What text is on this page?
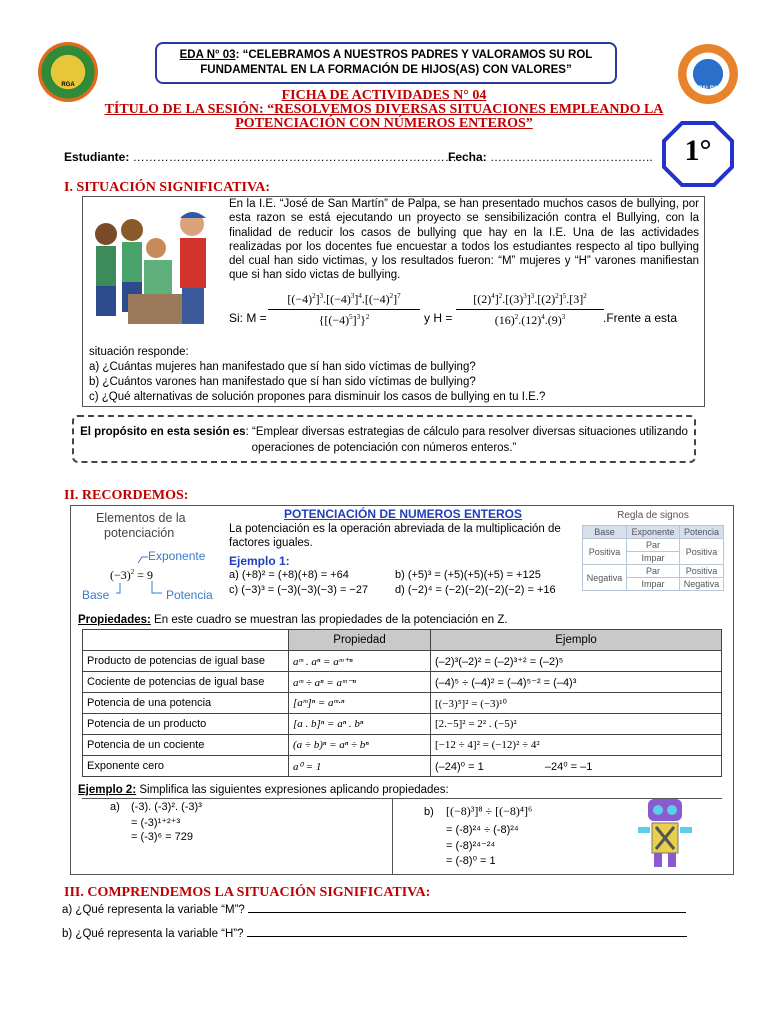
RGA
PALPA
EDA N° 03: “CELEBRAMOS A NUESTROS PADRES Y VALORAMOS SU ROL FUNDAMENTAL EN LA FORMACIÓN DE HIJOS(AS) CON VALORES”
FICHA DE ACTIVIDADES N° 04
TÍTULO DE LA SESIÓN: “RESOLVEMOS DIVERSAS SITUACIONES EMPLEANDO LA
POTENCIACIÓN CON NÚMEROS ENTEROS”
1°
Estudiante: ………………………………………………………………………
Fecha: …………………………………..
I. SITUACIÓN SIGNIFICATIVA:
En la I.E. “José de San Martín” de Palpa, se han presentado muchos casos de bullying, por esta razon se está ejecutando un proyecto se sensibilización contra el Bullying, con la finalidad de reducir los casos de bullying que hay en la I.E. Una de las actividades realizadas por los docentes fue encuestar a todos los estudiantes respecto al tipo bullying del cual han sido victimas, y los resultados fueron: “M” mujeres y “H” varones manifiestan que si han sido victas de bullying.
Si: $M = \frac{[(-4)^2]^3.[(-4)^3]^4.[(-4)^2]^7}{\{[(-4)^5]^3\}^2}$ y $H = \frac{[(2)^4]^2.[(3)^3]^3.[(2)^2]^5.[3]^2}{(16)^2.(12)^4.(9)^3}$ .Frente a esta
situación responde:
a) ¿Cuántas mujeres han manifestado que sí han sido víctimas de bullying?
b) ¿Cuántos varones han manifestado que sí han sido víctimas de bullying?
c) ¿Qué alternativas de solución propones para disminuir los casos de bullying en tu I.E.?
El propósito en esta sesión es: “Emplear diversas estrategias de cálculo para resolver diversas situaciones utilizando
operaciones de potenciación con números enteros.”
II. RECORDEMOS:
Elementos de la
potenciación
Exponente
$(-3)^2 = 9$
Base	Potencia
POTENCIACIÓN DE NUMEROS ENTEROS
La potenciación es la operación abreviada de la multiplicación de factores iguales.
Ejemplo 1:
a) (+8)² = (+8)(+8) = +64	b) (+5)³ = (+5)(+5)(+5) = +125
c) (−3)³ = (−3)(−3)(−3) = −27 d) (−2)⁴ = (−2)(−2)(−2)(−2) = +16
Regla de signos
Base	Exponente	Potencia
Positiva	Par	Positiva
	Impar	
Negativa	Par	Positiva
	Impar	Negativa
Propiedades: En este cuadro se muestran las propiedades de la potenciación en Z.
	Propiedad	Ejemplo
Producto de potencias de igual base	aᵐ . aⁿ = aᵐ⁺ⁿ	(–2)³(–2)² = (–2)³⁺² = (–2)⁵
Cociente de potencias de igual base	aᵐ ÷ aⁿ = aᵐ⁻ⁿ	(–4)⁵ ÷ (–4)² = (–4)⁵⁻² = (–4)³
Potencia de una potencia	[aᵐ]ⁿ = aᵐ·ⁿ	[(−3)⁵]² = (−3)¹⁰
Potencia de un producto	[a . b]ⁿ = aⁿ . bⁿ	[2.−5]² = 2² . (−5)²
Potencia de un cociente	(a ÷ b)ⁿ = aⁿ ÷ bⁿ	[−12 ÷ 4]² = (−12)² ÷ 4²
Exponente cero	a⁰ = 1	(–24)⁰ = 1                    –24⁰ = –1
Ejemplo 2: Simplifica las siguientes expresiones aplicando propiedades:
a) (-3). (-3)². (-3)³
= (-3)¹⁺²⁺³
= (-3)⁶ = 729
b) [(−8)³]⁸ ÷ [(−8)⁴]⁶
= (-8)²⁴ ÷ (-8)²⁴
= (-8)²⁴⁻²⁴
= (-8)⁰ = 1
III. COMPRENDEMOS LA SITUACIÓN SIGNIFICATIVA:
a) ¿Qué representa la variable “M”?
b) ¿Qué representa la variable “H”?
